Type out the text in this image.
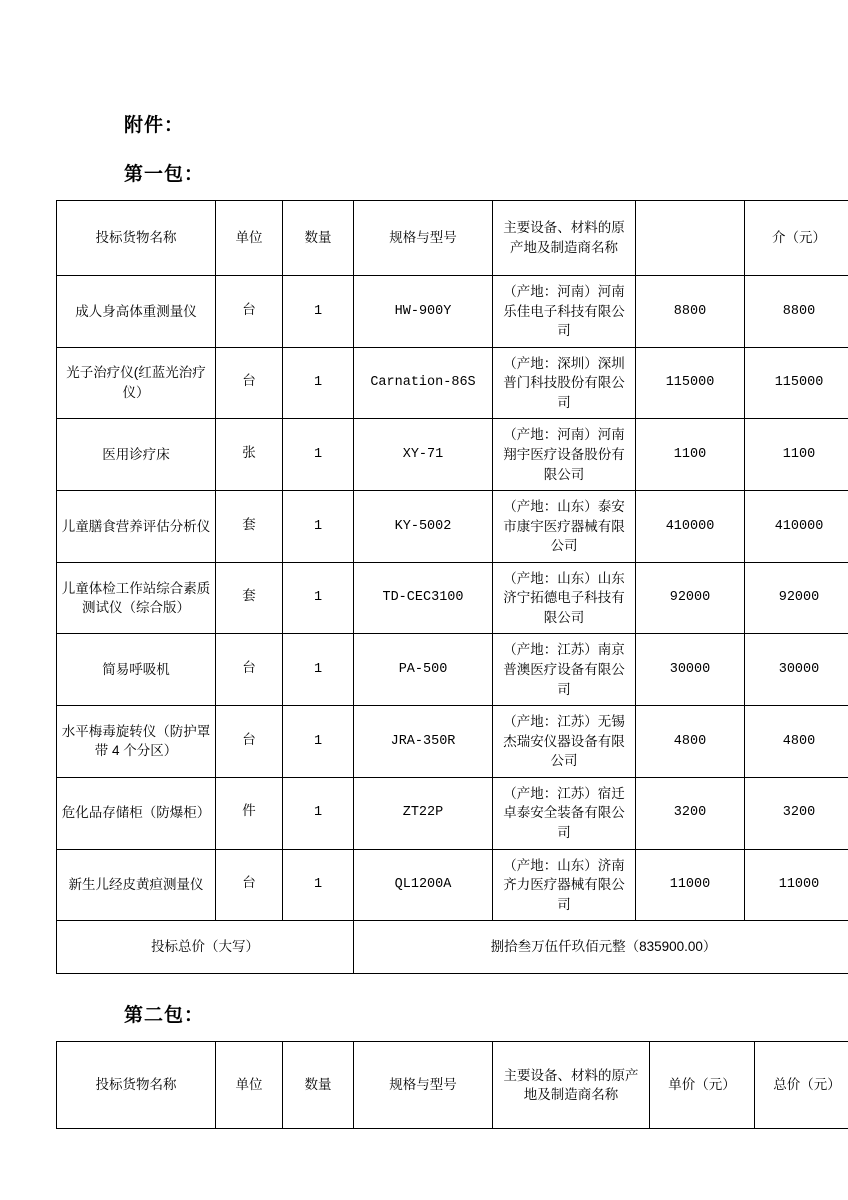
附件：
第一包：
投标货物名称	单位	数量	规格与型号	主要设备、材料的原产地及制造商名称		介（元）
成人身高体重测量仪	台	1	HW-900Y	（产地：河南）河南乐佳电子科技有限公司	8800	8800
光子治疗仪(红蓝光治疗仪）	台	1	Carnation-86S	（产地：深圳）深圳普门科技股份有限公司	115000	115000
医用诊疗床	张	1	XY-71	（产地：河南）河南翔宇医疗设备股份有限公司	1100	1100
儿童膳食营养评估分析仪	套	1	KY-5002	（产地：山东）泰安市康宇医疗器械有限公司	410000	410000
儿童体检工作站综合素质测试仪（综合版）	套	1	TD-CEC3100	（产地：山东）山东济宁拓德电子科技有限公司	92000	92000
简易呼吸机	台	1	PA-500	（产地：江苏）南京普澳医疗设备有限公司	30000	30000
水平梅毒旋转仪（防护罩带 4 个分区）	台	1	JRA-350R	（产地：江苏）无锡杰瑞安仪器设备有限公司	4800	4800
危化品存储柜（防爆柜）	件	1	ZT22P	（产地：江苏）宿迁卓泰安全装备有限公司	3200	3200
新生儿经皮黄疸测量仪	台	1	QL1200A	（产地：山东）济南齐力医疗器械有限公司	11000	11000
投标总价（大写）			捌拾叁万伍仟玖佰元整（835900.00）			
第二包：
投标货物名称	单位	数量	规格与型号	主要设备、材料的原产地及制造商名称	单价（元）	总价（元）
